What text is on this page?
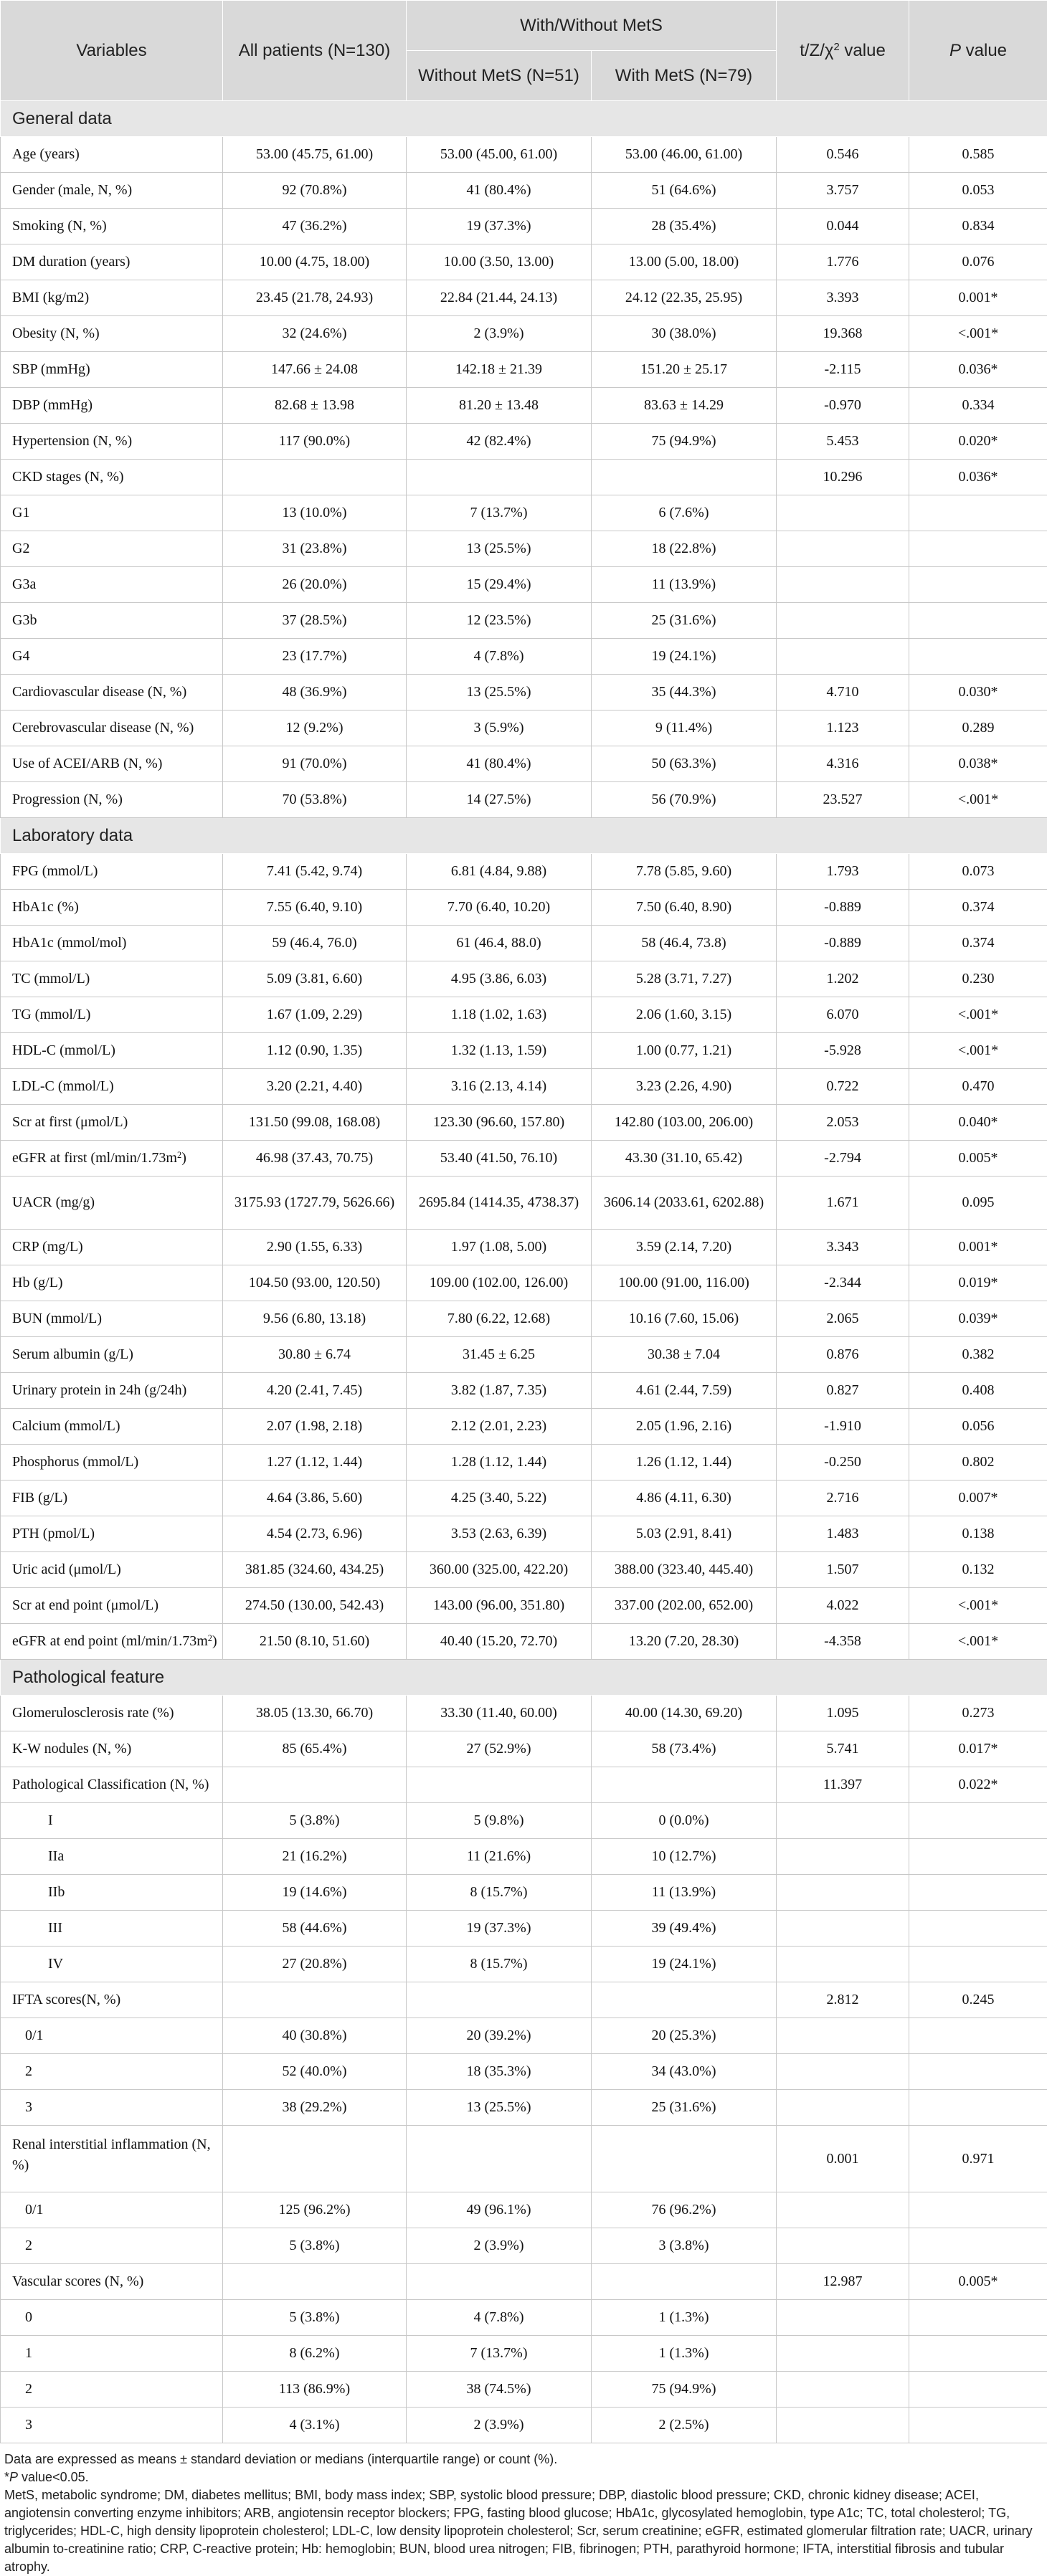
Variables	All patients (N=130)	With/Without MetS		$t/Z/\chi^2$ value	P value
		Without MetS (N=51)	With MetS (N=79)		
General data					
Age (years)	53.00 (45.75, 61.00)	53.00 (45.00, 61.00)	53.00 (46.00, 61.00)	0.546	0.585
Gender (male, N, %)	92 (70.8%)	41 (80.4%)	51 (64.6%)	3.757	0.053
Smoking (N, %)	47 (36.2%)	19 (37.3%)	28 (35.4%)	0.044	0.834
DM duration (years)	10.00 (4.75, 18.00)	10.00 (3.50, 13.00)	13.00 (5.00, 18.00)	1.776	0.076
BMI (kg/m2)	23.45 (21.78, 24.93)	22.84 (21.44, 24.13)	24.12 (22.35, 25.95)	3.393	0.001*
Obesity (N, %)	32 (24.6%)	2 (3.9%)	30 (38.0%)	19.368	<.001*
SBP (mmHg)	147.66 ± 24.08	142.18 ± 21.39	151.20 ± 25.17	-2.115	0.036*
DBP (mmHg)	82.68 ± 13.98	81.20 ± 13.48	83.63 ± 14.29	-0.970	0.334
Hypertension (N, %)	117 (90.0%)	42 (82.4%)	75 (94.9%)	5.453	0.020*
CKD stages (N, %)				10.296	0.036*
G1	13 (10.0%)	7 (13.7%)	6 (7.6%)		
G2	31 (23.8%)	13 (25.5%)	18 (22.8%)		
G3a	26 (20.0%)	15 (29.4%)	11 (13.9%)		
G3b	37 (28.5%)	12 (23.5%)	25 (31.6%)		
G4	23 (17.7%)	4 (7.8%)	19 (24.1%)		
Cardiovascular disease (N, %)	48 (36.9%)	13 (25.5%)	35 (44.3%)	4.710	0.030*
Cerebrovascular disease (N, %)	12 (9.2%)	3 (5.9%)	9 (11.4%)	1.123	0.289
Use of ACEI/ARB (N, %)	91 (70.0%)	41 (80.4%)	50 (63.3%)	4.316	0.038*
Progression (N, %)	70 (53.8%)	14 (27.5%)	56 (70.9%)	23.527	<.001*
Laboratory data					
FPG (mmol/L)	7.41 (5.42, 9.74)	6.81 (4.84, 9.88)	7.78 (5.85, 9.60)	1.793	0.073
HbA1c (%)	7.55 (6.40, 9.10)	7.70 (6.40, 10.20)	7.50 (6.40, 8.90)	-0.889	0.374
HbA1c (mmol/mol)	59 (46.4, 76.0)	61 (46.4, 88.0)	58 (46.4, 73.8)	-0.889	0.374
TC (mmol/L)	5.09 (3.81, 6.60)	4.95 (3.86, 6.03)	5.28 (3.71, 7.27)	1.202	0.230
TG (mmol/L)	1.67 (1.09, 2.29)	1.18 (1.02, 1.63)	2.06 (1.60, 3.15)	6.070	<.001*
HDL-C (mmol/L)	1.12 (0.90, 1.35)	1.32 (1.13, 1.59)	1.00 (0.77, 1.21)	-5.928	<.001*
LDL-C (mmol/L)	3.20 (2.21, 4.40)	3.16 (2.13, 4.14)	3.23 (2.26, 4.90)	0.722	0.470
Scr at first (μmol/L)	131.50 (99.08, 168.08)	123.30 (96.60, 157.80)	142.80 (103.00, 206.00)	2.053	0.040*
eGFR at first $(ml/\min/1.73m^2)$	46.98 (37.43, 70.75)	53.40 (41.50, 76.10)	43.30 (31.10, 65.42)	-2.794	0.005*
UACR (mg/g)	3175.93 (1727.79, 5626.66)	2695.84 (1414.35, 4738.37)	3606.14 (2033.61, 6202.88)	1.671	0.095
CRP (mg/L)	2.90 (1.55, 6.33)	1.97 (1.08, 5.00)	3.59 (2.14, 7.20)	3.343	0.001*
Hb (g/L)	104.50 (93.00, 120.50)	109.00 (102.00, 126.00)	100.00 (91.00, 116.00)	-2.344	0.019*
BUN (mmol/L)	9.56 (6.80, 13.18)	7.80 (6.22, 12.68)	10.16 (7.60, 15.06)	2.065	0.039*
Serum albumin (g/L)	30.80 ± 6.74	31.45 ± 6.25	30.38 ± 7.04	0.876	0.382
Urinary protein in 24h (g/24h)	4.20 (2.41, 7.45)	3.82 (1.87, 7.35)	4.61 (2.44, 7.59)	0.827	0.408
Calcium (mmol/L)	2.07 (1.98, 2.18)	2.12 (2.01, 2.23)	2.05 (1.96, 2.16)	-1.910	0.056
Phosphorus (mmol/L)	1.27 (1.12, 1.44)	1.28 (1.12, 1.44)	1.26 (1.12, 1.44)	-0.250	0.802
FIB (g/L)	4.64 (3.86, 5.60)	4.25 (3.40, 5.22)	4.86 (4.11, 6.30)	2.716	0.007*
PTH (pmol/L)	4.54 (2.73, 6.96)	3.53 (2.63, 6.39)	5.03 (2.91, 8.41)	1.483	0.138
Uric acid (μmol/L)	381.85 (324.60, 434.25)	360.00 (325.00, 422.20)	388.00 (323.40, 445.40)	1.507	0.132
Scr at end point (μmol/L)	274.50 (130.00, 542.43)	143.00 (96.00, 351.80)	337.00 (202.00, 652.00)	4.022	<.001*
eGFR at end point $(ml/\min/1.73m^2)$	21.50 (8.10, 51.60)	40.40 (15.20, 72.70)	13.20 (7.20, 28.30)	-4.358	<.001*
Pathological feature					
Glomerulosclerosis rate (%)	38.05 (13.30, 66.70)	33.30 (11.40, 60.00)	40.00 (14.30, 69.20)	1.095	0.273
K-W nodules (N, %)	85 (65.4%)	27 (52.9%)	58 (73.4%)	5.741	0.017*
Pathological Classification (N, %)				11.397	0.022*
I	5 (3.8%)	5 (9.8%)	0 (0.0%)		
IIa	21 (16.2%)	11 (21.6%)	10 (12.7%)		
IIb	19 (14.6%)	8 (15.7%)	11 (13.9%)		
III	58 (44.6%)	19 (37.3%)	39 (49.4%)		
IV	27 (20.8%)	8 (15.7%)	19 (24.1%)		
IFTA scores(N, %)				2.812	0.245
0/1	40 (30.8%)	20 (39.2%)	20 (25.3%)		
2	52 (40.0%)	18 (35.3%)	34 (43.0%)		
3	38 (29.2%)	13 (25.5%)	25 (31.6%)		
Renal interstitial inflammation (N, %)				0.001	0.971
0/1	125 (96.2%)	49 (96.1%)	76 (96.2%)		
2	5 (3.8%)	2 (3.9%)	3 (3.8%)		
Vascular scores (N, %)				12.987	0.005*
0	5 (3.8%)	4 (7.8%)	1 (1.3%)		
1	8 (6.2%)	7 (13.7%)	1 (1.3%)		
2	113 (86.9%)	38 (74.5%)	75 (94.9%)		
3	4 (3.1%)	2 (3.9%)	2 (2.5%)		

Data are expressed as means ± standard deviation or medians (interquartile range) or count (%).

*P value<0.05.

MetS, metabolic syndrome; DM, diabetes mellitus; BMI, body mass index; SBP, systolic blood pressure; DBP, diastolic blood pressure; CKD, chronic kidney disease; ACEI, angiotensin converting enzyme inhibitors; ARB, angiotensin receptor blockers; FPG, fasting blood glucose; HbA1c, glycosylated hemoglobin, type A1c; TC, total cholesterol; TG, triglycerides; HDL-C, high density lipoprotein cholesterol; LDL-C, low density lipoprotein cholesterol; Scr, serum creatinine; eGFR, estimated glomerular filtration rate; UACR, urinary albumin to-creatinine ratio; CRP, C-reactive protein; Hb: hemoglobin; BUN, blood urea nitrogen; FIB, fibrinogen; PTH, parathyroid hormone; IFTA, interstitial fibrosis and tubular atrophy.
